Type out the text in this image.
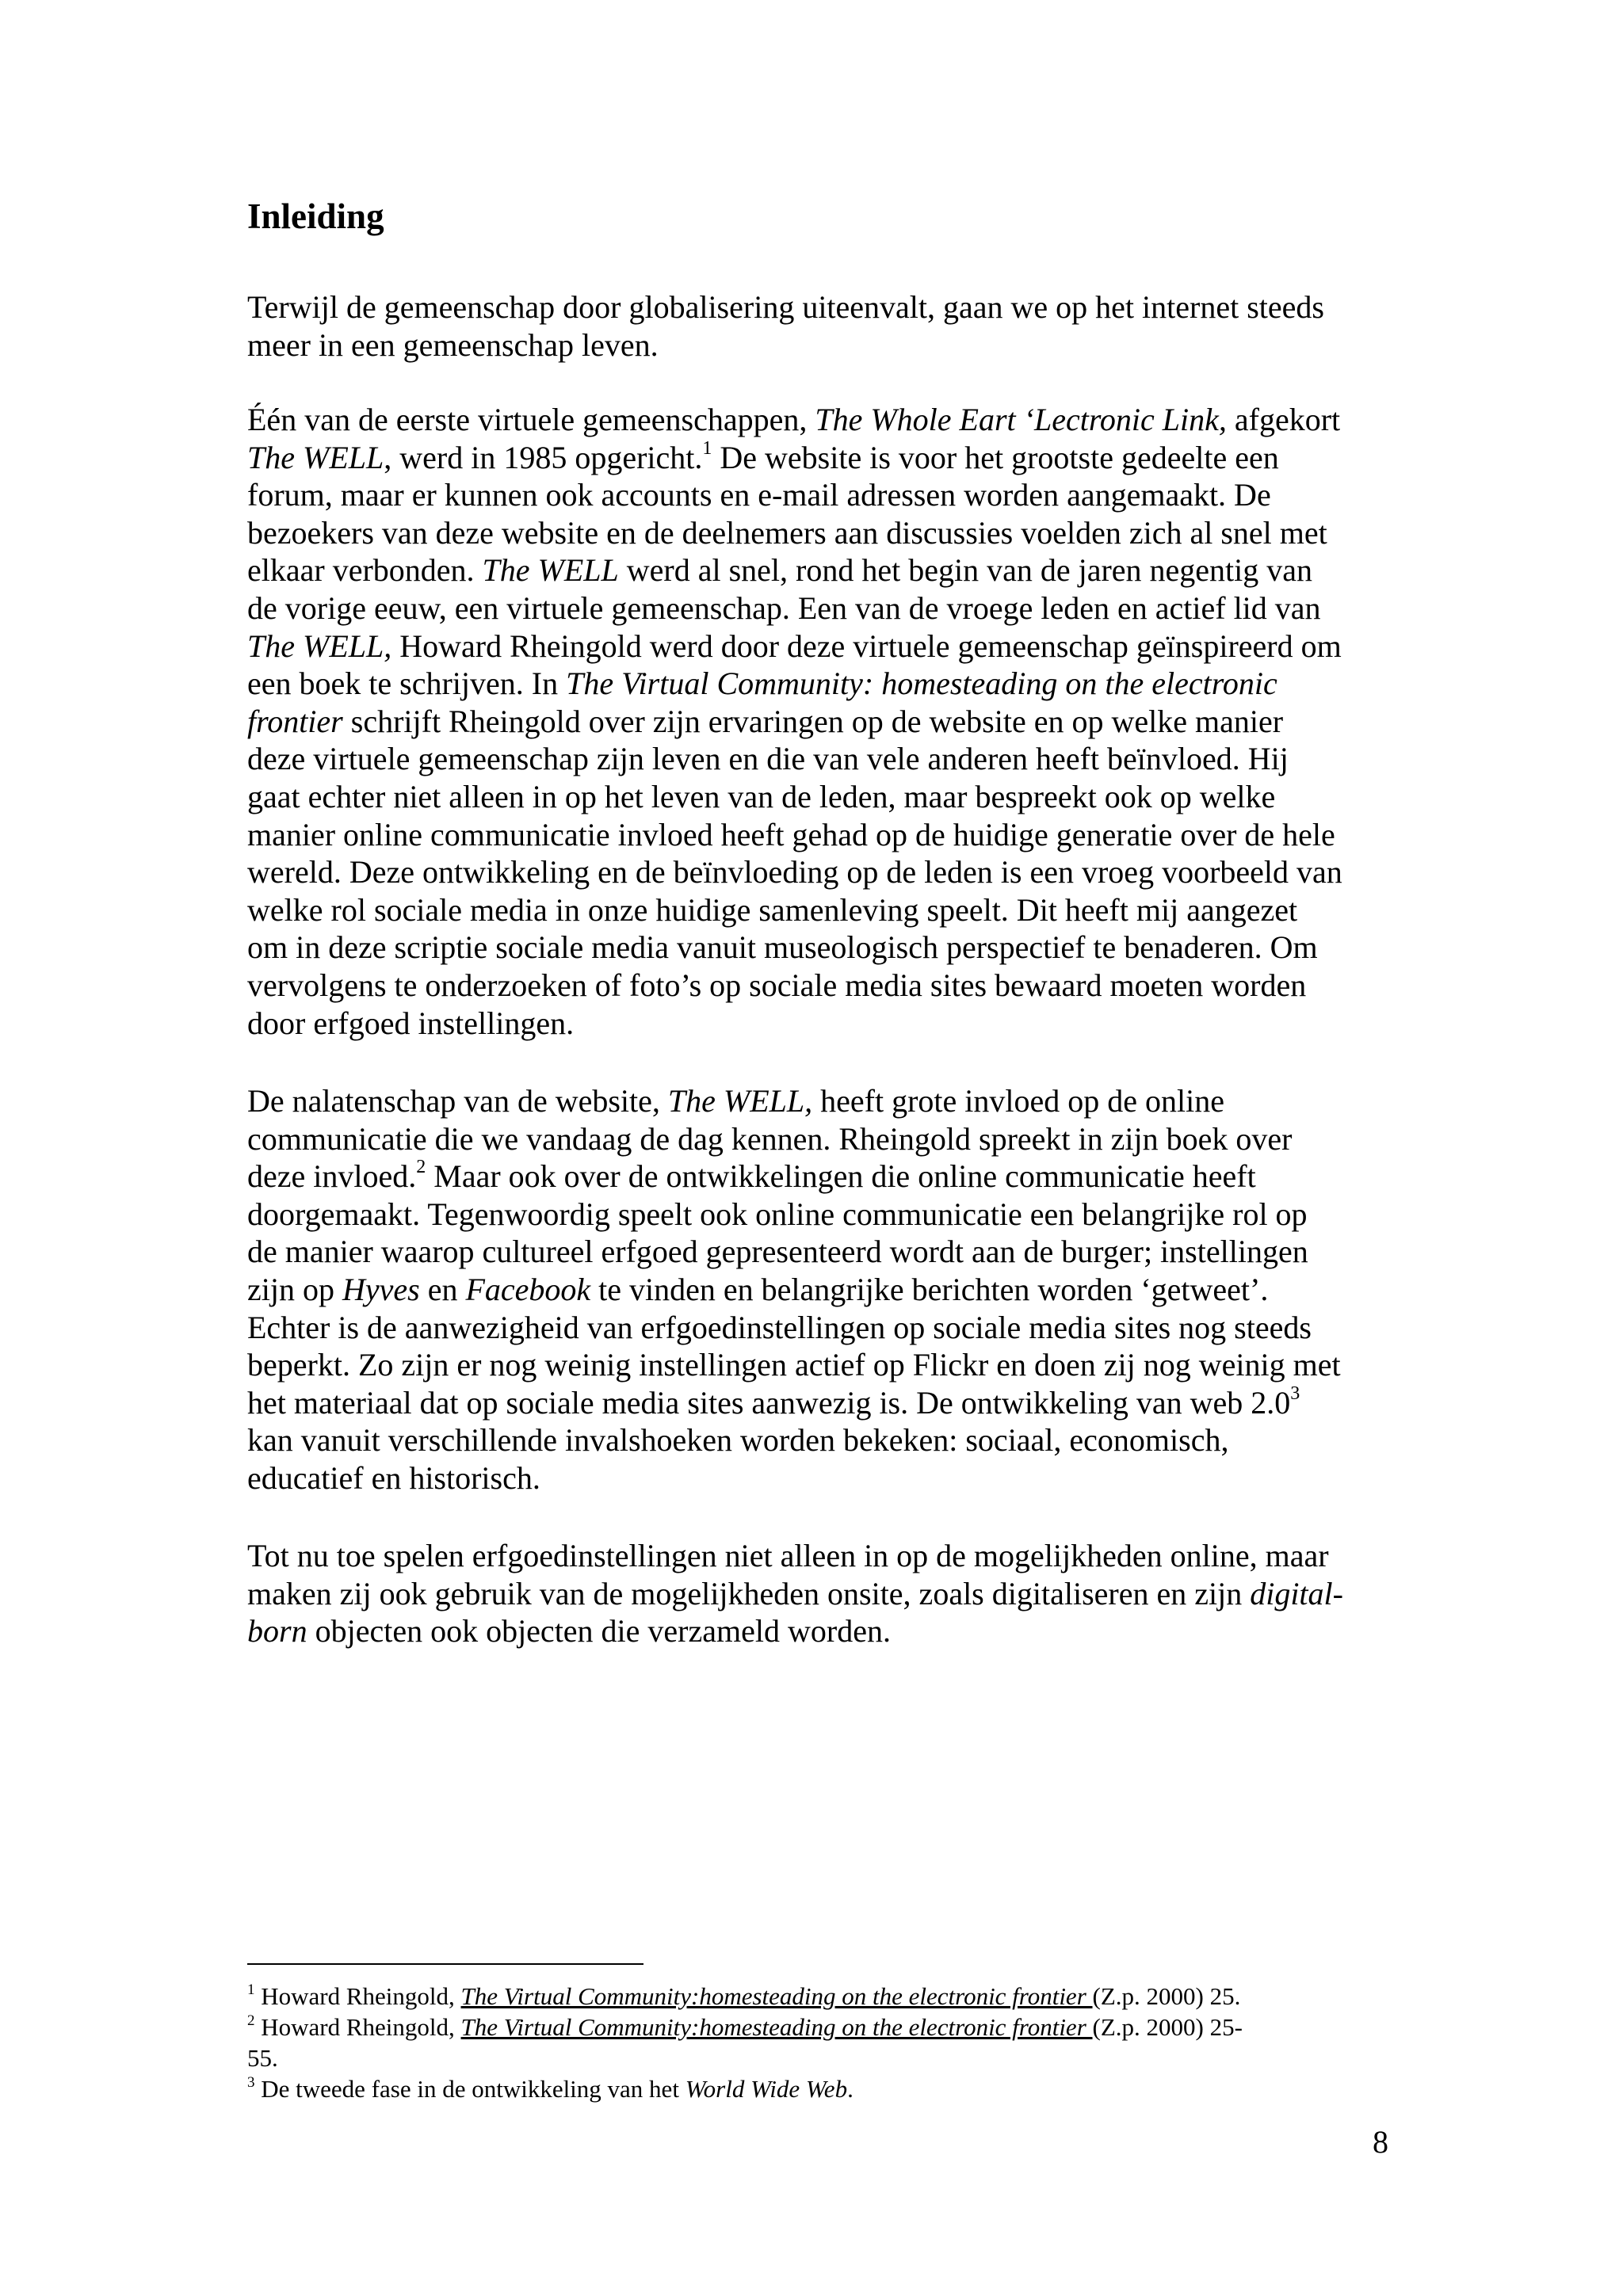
Inleiding
Terwijl de gemeenschap door globalisering uiteenvalt, gaan we op het internet steeds
meer in een gemeenschap leven.
Één van de eerste virtuele gemeenschappen, The Whole Eart ‘Lectronic Link, afgekort
The WELL, werd in 1985 opgericht.$^1$ De website is voor het grootste gedeelte een
forum, maar er kunnen ook accounts en e-mail adressen worden aangemaakt. De
bezoekers van deze website en de deelnemers aan discussies voelden zich al snel met
elkaar verbonden. The WELL werd al snel, rond het begin van de jaren negentig van
de vorige eeuw, een virtuele gemeenschap. Een van de vroege leden en actief lid van
The WELL, Howard Rheingold werd door deze virtuele gemeenschap geïnspireerd om
een boek te schrijven. In The Virtual Community: homesteading on the electronic
frontier schrijft Rheingold over zijn ervaringen op de website en op welke manier
deze virtuele gemeenschap zijn leven en die van vele anderen heeft beïnvloed. Hij
gaat echter niet alleen in op het leven van de leden, maar bespreekt ook op welke
manier online communicatie invloed heeft gehad op de huidige generatie over de hele
wereld. Deze ontwikkeling en de beïnvloeding op de leden is een vroeg voorbeeld van
welke rol sociale media in onze huidige samenleving speelt. Dit heeft mij aangezet
om in deze scriptie sociale media vanuit museologisch perspectief te benaderen. Om
vervolgens te onderzoeken of foto’s op sociale media sites bewaard moeten worden
door erfgoed instellingen.
De nalatenschap van de website, The WELL, heeft grote invloed op de online
communicatie die we vandaag de dag kennen. Rheingold spreekt in zijn boek over
deze invloed.$^2$ Maar ook over de ontwikkelingen die online communicatie heeft
doorgemaakt. Tegenwoordig speelt ook online communicatie een belangrijke rol op
de manier waarop cultureel erfgoed gepresenteerd wordt aan de burger; instellingen
zijn op Hyves en Facebook te vinden en belangrijke berichten worden ‘getweet’.
Echter is de aanwezigheid van erfgoedinstellingen op sociale media sites nog steeds
beperkt. Zo zijn er nog weinig instellingen actief op Flickr en doen zij nog weinig met
het materiaal dat op sociale media sites aanwezig is. De ontwikkeling van web $2.0^3$
kan vanuit verschillende invalshoeken worden bekeken: sociaal, economisch,
educatief en historisch.
Tot nu toe spelen erfgoedinstellingen niet alleen in op de mogelijkheden online, maar
maken zij ook gebruik van de mogelijkheden onsite, zoals digitaliseren en zijn digital-
born objecten ook objecten die verzameld worden.
$^1$ Howard Rheingold, The Virtual Community:homesteading on the electronic frontier (Z.p. 2000) 25.
$^2$ Howard Rheingold, The Virtual Community:homesteading on the electronic frontier (Z.p. 2000) 25-
55.
$^3$ De tweede fase in de ontwikkeling van het World Wide Web.
8
